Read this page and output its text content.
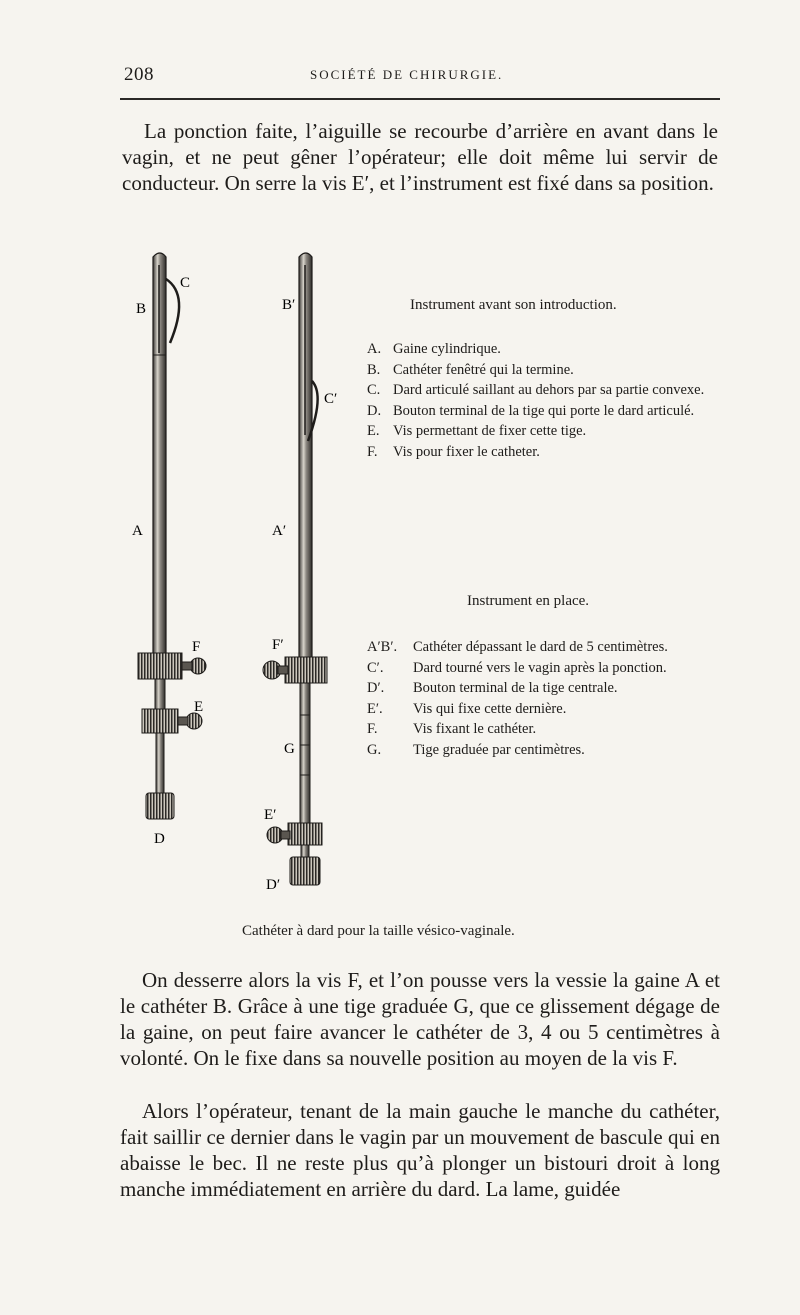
208	SOCIÉTÉ DE CHIRURGIE.
La ponction faite, l’aiguille se recourbe d’arrière en avant dans le vagin, et ne peut gêner l’opérateur; elle doit même lui servir de conducteur. On serre la vis E′, et l’instrument est fixé dans sa position.
B
C
A
F
E
D
B′
C′
A′
F′
G
E′
D′
Instrument avant son introduction.
A. Gaine cylindrique.
B. Cathéter fenêtré qui la termine.
C. Dard articulé saillant au dehors par sa partie convexe.
D. Bouton terminal de la tige qui porte le dard articulé.
E. Vis permettant de fixer cette tige.
F.	Vis pour fixer le catheter.
Instrument en place.
A′B′.	Cathéter dépassant le dard de 5 centimètres.
C′.	Dard tourné vers le vagin après la ponction.
D′.	Bouton terminal de la tige centrale.
E′.	Vis qui fixe cette dernière.
F.	Vis fixant le cathéter.
G.	Tige graduée par centimètres.
Cathéter à dard pour la taille vésico-vaginale.
On desserre alors la vis F, et l’on pousse vers la vessie la gaine A et le cathéter B. Grâce à une tige graduée G, que ce glissement dégage de la gaine, on peut faire avancer le cathéter de 3, 4 ou 5 centimètres à volonté. On le fixe dans sa nouvelle position au moyen de la vis F.
Alors l’opérateur, tenant de la main gauche le manche du cathéter, fait saillir ce dernier dans le vagin par un mouvement de bascule qui en abaisse le bec. Il ne reste plus qu’à plonger un bistouri droit à long manche immédiatement en arrière du dard. La lame, guidée
